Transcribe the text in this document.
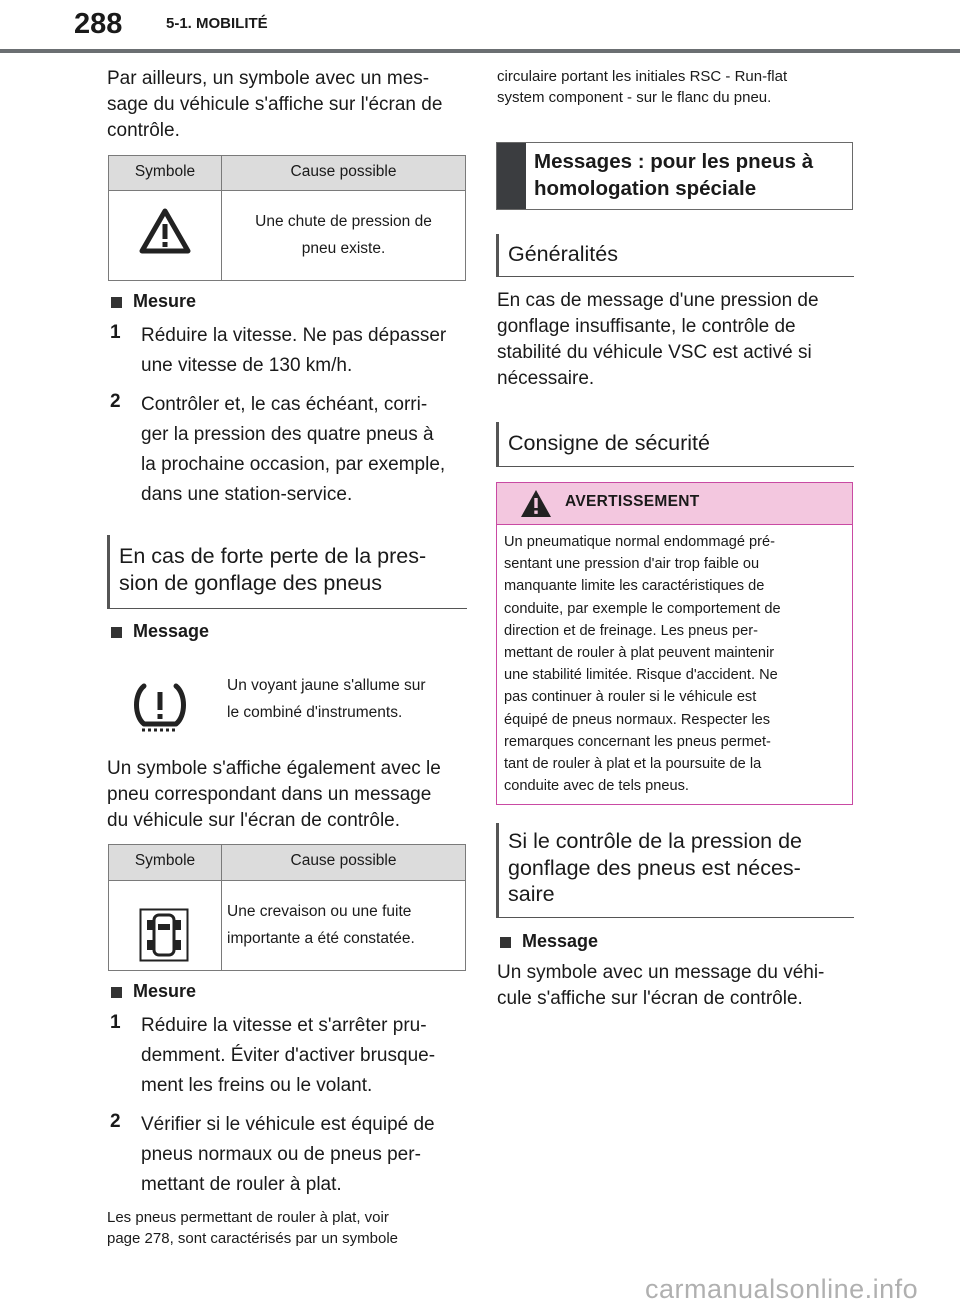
288	5-1. MOBILITÉ
Par ailleurs, un symbole avec un mes-
sage du véhicule s'affiche sur l'écran de
contrôle.
Symbole	Cause possible
Une chute de pression de
pneu existe.
Mesure
1 Réduire la vitesse. Ne pas dépasser
une vitesse de 130 km/h.
2 Contrôler et, le cas échéant, corri-
ger la pression des quatre pneus à
la prochaine occasion, par exemple,
dans une station-service.
En cas de forte perte de la pres-
sion de gonflage des pneus
Message
Un voyant jaune s'allume sur
le combiné d'instruments.
Un symbole s'affiche également avec le
pneu correspondant dans un message
du véhicule sur l'écran de contrôle.
Symbole	Cause possible
Une crevaison ou une fuite
importante a été constatée.
Mesure
1 Réduire la vitesse et s'arrêter pru-
demment. Éviter d'activer brusque-
ment les freins ou le volant.
2 Vérifier si le véhicule est équipé de
pneus normaux ou de pneus per-
mettant de rouler à plat.
Les pneus permettant de rouler à plat, voir
page 278, sont caractérisés par un symbole
circulaire portant les initiales RSC - Run-flat
system component - sur le flanc du pneu.
Messages : pour les pneus à
homologation spéciale
Généralités
En cas de message d'une pression de
gonflage insuffisante, le contrôle de
stabilité du véhicule VSC est activé si
nécessaire.
Consigne de sécurité
AVERTISSEMENT
Un pneumatique normal endommagé pré-
sentant une pression d'air trop faible ou
manquante limite les caractéristiques de
conduite, par exemple le comportement de
direction et de freinage. Les pneus per-
mettant de rouler à plat peuvent maintenir
une stabilité limitée. Risque d'accident. Ne
pas continuer à rouler si le véhicule est
équipé de pneus normaux. Respecter les
remarques concernant les pneus permet-
tant de rouler à plat et la poursuite de la
conduite avec de tels pneus.
Si le contrôle de la pression de
gonflage des pneus est néces-
saire
Message
Un symbole avec un message du véhi-
cule s'affiche sur l'écran de contrôle.
carmanualsonline.info
